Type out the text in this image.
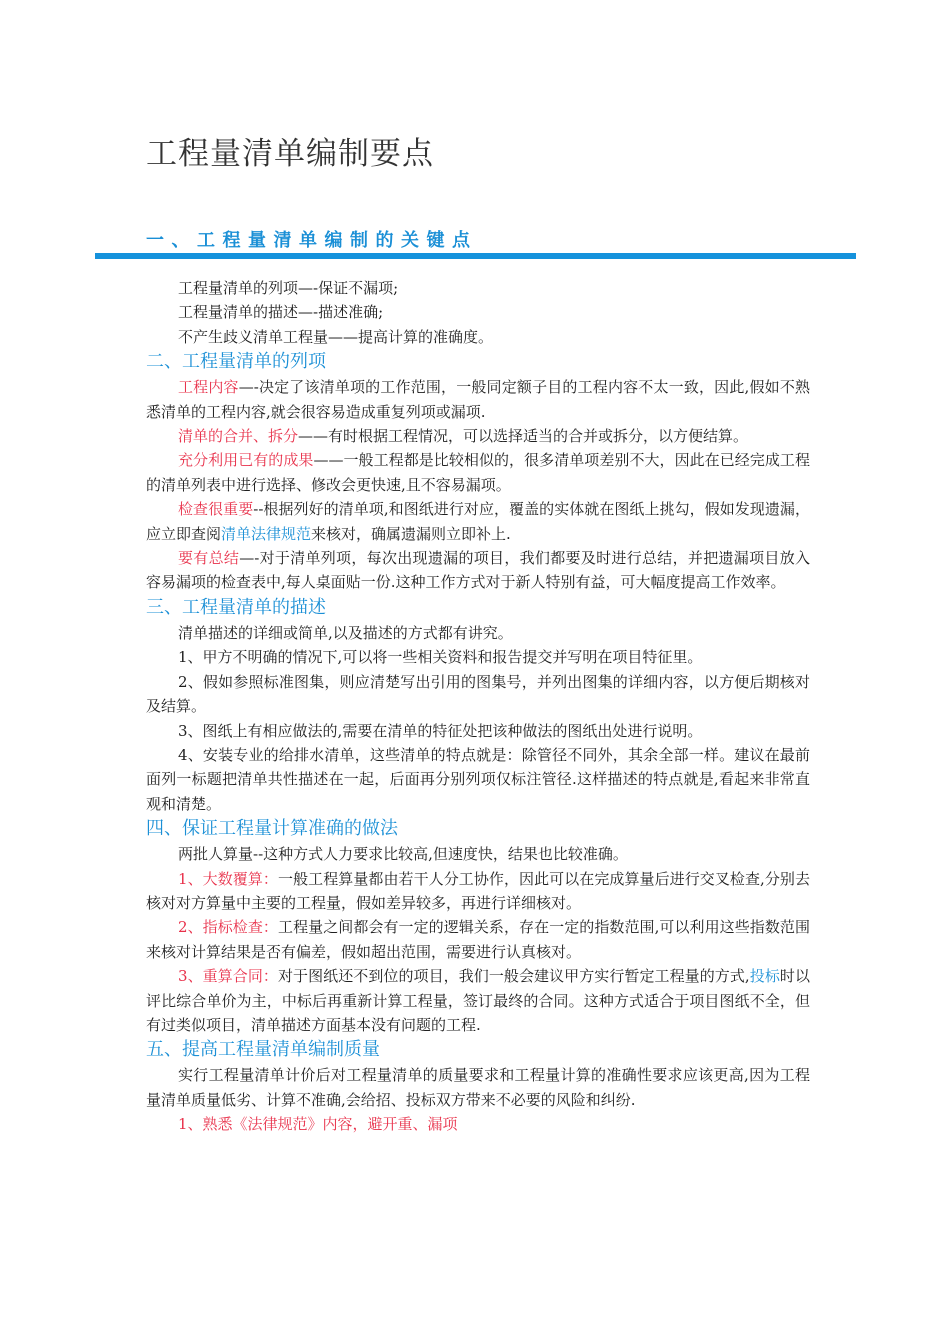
工程量清单编制要点
一、工程量清单编制的关键点

工程量清单的列项—-保证不漏项;

工程量清单的描述—-描述准确;

不产生歧义清单工程量——提高计算的准确度。

二、工程量清单的列项

工程内容—-决定了该清单项的工作范围，一般同定额子目的工程内容不太一致，因此,假如不熟悉清单的工程内容,就会很容易造成重复列项或漏项.

清单的合并、拆分——有时根据工程情况，可以选择适当的合并或拆分，以方便结算。

充分利用已有的成果——一般工程都是比较相似的，很多清单项差别不大，因此在已经完成工程的清单列表中进行选择、修改会更快速,且不容易漏项。

检查很重要--根据列好的清单项,和图纸进行对应，覆盖的实体就在图纸上挑勾，假如发现遗漏，应立即查阅清单法律规范来核对，确属遗漏则立即补上.

要有总结—-对于清单列项，每次出现遗漏的项目，我们都要及时进行总结，并把遗漏项目放入容易漏项的检查表中,每人桌面贴一份.这种工作方式对于新人特别有益，可大幅度提高工作效率。

三、工程量清单的描述

清单描述的详细或简单,以及描述的方式都有讲究。

1、甲方不明确的情况下,可以将一些相关资料和报告提交并写明在项目特征里。

2、假如参照标准图集，则应清楚写出引用的图集号，并列出图集的详细内容，以方便后期核对及结算。

3、图纸上有相应做法的,需要在清单的特征处把该种做法的图纸出处进行说明。

4、安装专业的给排水清单，这些清单的特点就是：除管径不同外，其余全部一样。建议在最前面列一标题把清单共性描述在一起，后面再分别列项仅标注管径.这样描述的特点就是,看起来非常直观和清楚。

四、保证工程量计算准确的做法

两批人算量--这种方式人力要求比较高,但速度快，结果也比较准确。

1、大数覆算：一般工程算量都由若干人分工协作，因此可以在完成算量后进行交叉检查,分别去核对对方算量中主要的工程量，假如差异较多，再进行详细核对。

2、指标检查：工程量之间都会有一定的逻辑关系，存在一定的指数范围,可以利用这些指数范围来核对计算结果是否有偏差，假如超出范围，需要进行认真核对。

3、重算合同：对于图纸还不到位的项目，我们一般会建议甲方实行暂定工程量的方式,投标时以评比综合单价为主，中标后再重新计算工程量，签订最终的合同。这种方式适合于项目图纸不全，但有过类似项目，清单描述方面基本没有问题的工程.

五、提高工程量清单编制质量

实行工程量清单计价后对工程量清单的质量要求和工程量计算的准确性要求应该更高,因为工程量清单质量低劣、计算不准确,会给招、投标双方带来不必要的风险和纠纷.

1、熟悉《法律规范》内容，避开重、漏项
